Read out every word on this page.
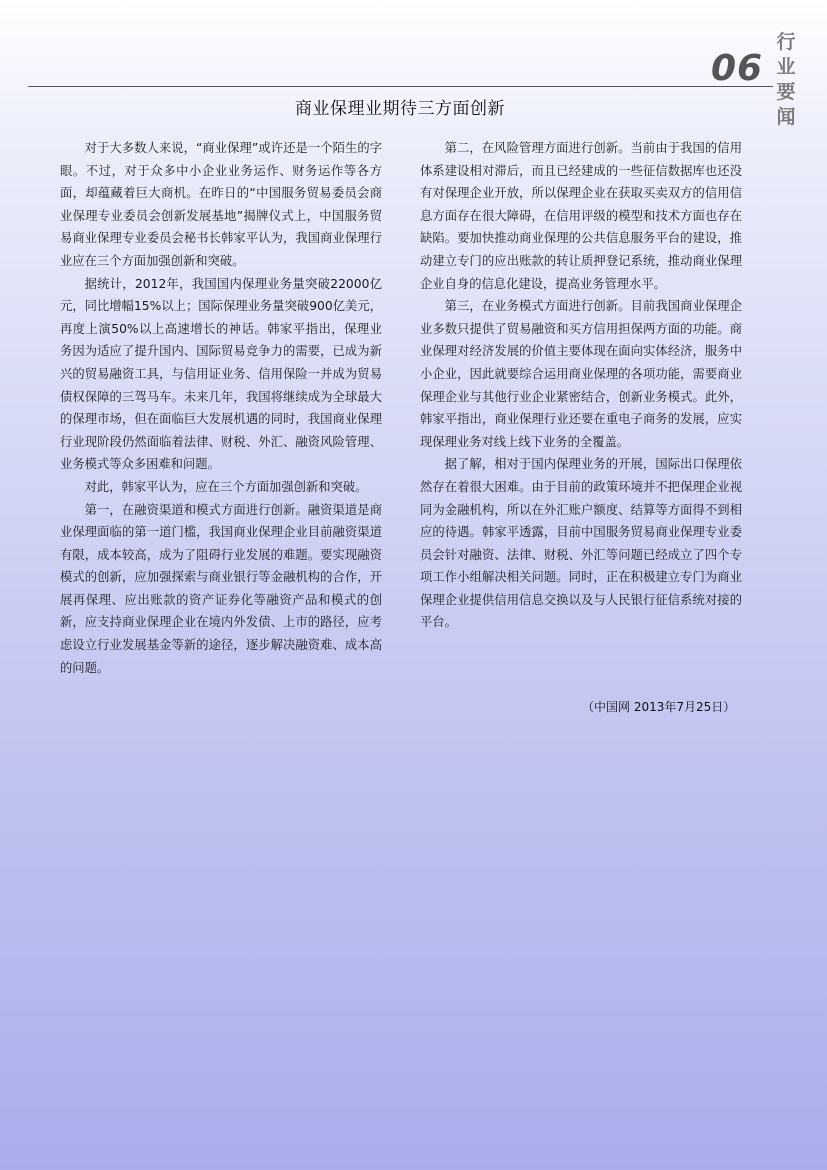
06
行
业
要
闻
商业保理业期待三方面创新

对于大多数人来说，“商业保理”或许还是一个陌生的字眼。不过，对于众多中小企业业务运作、财务运作等各方面，却蕴藏着巨大商机。在昨日的“中国服务贸易委员会商业保理专业委员会创新发展基地”揭牌仪式上，中国服务贸易商业保理专业委员会秘书长韩家平认为，我国商业保理行业应在三个方面加强创新和突破。

据统计，2012年，我国国内保理业务量突破22000亿元，同比增幅15%以上；国际保理业务量突破900亿美元，再度上演50%以上高速增长的神话。韩家平指出，保理业务因为适应了提升国内、国际贸易竞争力的需要，已成为新兴的贸易融资工具，与信用证业务、信用保险一并成为贸易债权保障的三驾马车。未来几年，我国将继续成为全球最大的保理市场，但在面临巨大发展机遇的同时，我国商业保理行业现阶段仍然面临着法律、财税、外汇、融资风险管理、业务模式等众多困难和问题。

对此，韩家平认为，应在三个方面加强创新和突破。

第一，在融资渠道和模式方面进行创新。融资渠道是商业保理面临的第一道门槛，我国商业保理企业目前融资渠道有限，成本较高，成为了阻碍行业发展的难题。要实现融资模式的创新，应加强探索与商业银行等金融机构的合作，开展再保理、应出账款的资产证券化等融资产品和模式的创新，应支持商业保理企业在境内外发债、上市的路径，应考虑设立行业发展基金等新的途径，逐步解决融资难、成本高的问题。

第二，在风险管理方面进行创新。当前由于我国的信用体系建设相对滞后，而且已经建成的一些征信数据库也还没有对保理企业开放，所以保理企业在获取买卖双方的信用信息方面存在很大障碍，在信用评级的模型和技术方面也存在缺陷。要加快推动商业保理的公共信息服务平台的建设，推动建立专门的应出账款的转让质押登记系统，推动商业保理企业自身的信息化建设，提高业务管理水平。

第三，在业务模式方面进行创新。目前我国商业保理企业多数只提供了贸易融资和买方信用担保两方面的功能。商业保理对经济发展的价值主要体现在面向实体经济，服务中小企业，因此就要综合运用商业保理的各项功能，需要商业保理企业与其他行业企业紧密结合，创新业务模式。此外，韩家平指出，商业保理行业还要在重电子商务的发展，应实现保理业务对线上线下业务的全覆盖。

据了解，相对于国内保理业务的开展，国际出口保理依然存在着很大困难。由于目前的政策环境并不把保理企业视同为金融机构，所以在外汇账户额度、结算等方面得不到相应的待遇。韩家平透露，目前中国服务贸易商业保理专业委员会针对融资、法律、财税、外汇等问题已经成立了四个专项工作小组解决相关问题。同时，正在积极建立专门为商业保理企业提供信用信息交换以及与人民银行征信系统对接的平台。

（中国网 2013年7月25日）
